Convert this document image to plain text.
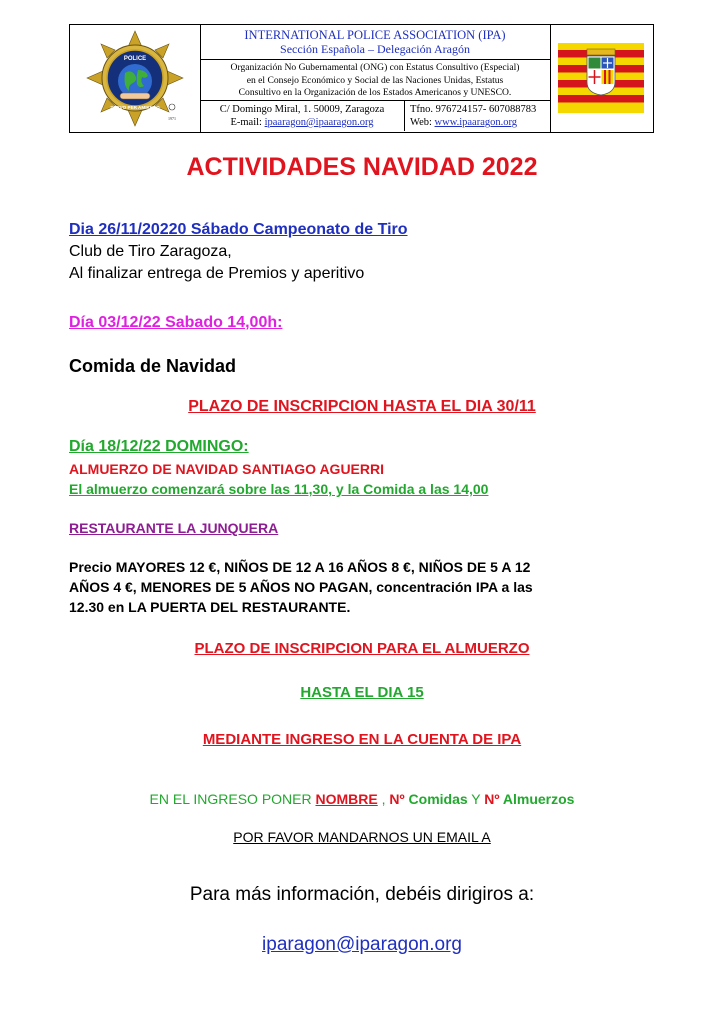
POLICE
SERVO PER AMIKECO
1971
INTERNATIONAL POLICE ASSOCIATION (IPA)
Sección Española – Delegación Aragón
Organización No Gubernamental (ONG) con Estatus Consultivo (Especial)
en el Consejo Económico y Social de las Naciones Unidas, Estatus
Consultivo en la Organización de los Estados Americanos y UNESCO.
C/ Domingo Miral, 1. 50009, Zaragoza
E-mail: ipaaragon@ipaaragon.org
Tfno. 976724157- 607088783
Web: www.ipaaragon.org
ACTIVIDADES NAVIDAD 2022
Dia 26/11/20220 Sábado Campeonato de Tiro
Club de Tiro Zaragoza,
Al finalizar entrega de Premios y aperitivo
Día 03/12/22 Sabado 14,00h:
Comida de Navidad
PLAZO DE INSCRIPCION HASTA EL DIA 30/11
Día 18/12/22 DOMINGO:
ALMUERZO DE NAVIDAD SANTIAGO AGUERRI
El almuerzo comenzará sobre las 11,30, y la Comida a las 14,00
RESTAURANTE LA JUNQUERA
Precio MAYORES 12 €, NIÑOS DE 12 A 16 AÑOS 8 €, NIÑOS DE 5 A 12
AÑOS 4 €, MENORES DE 5 AÑOS NO PAGAN, concentración IPA a las
12.30 en LA PUERTA DEL RESTAURANTE.
PLAZO DE INSCRIPCION PARA EL ALMUERZO
HASTA EL DIA 15
MEDIANTE INGRESO EN LA CUENTA DE IPA
EN EL INGRESO PONER NOMBRE , Nº Comidas Y Nº Almuerzos
POR FAVOR MANDARNOS UN EMAIL A
Para más información, debéis dirigiros a:
iparagon@iparagon.org
